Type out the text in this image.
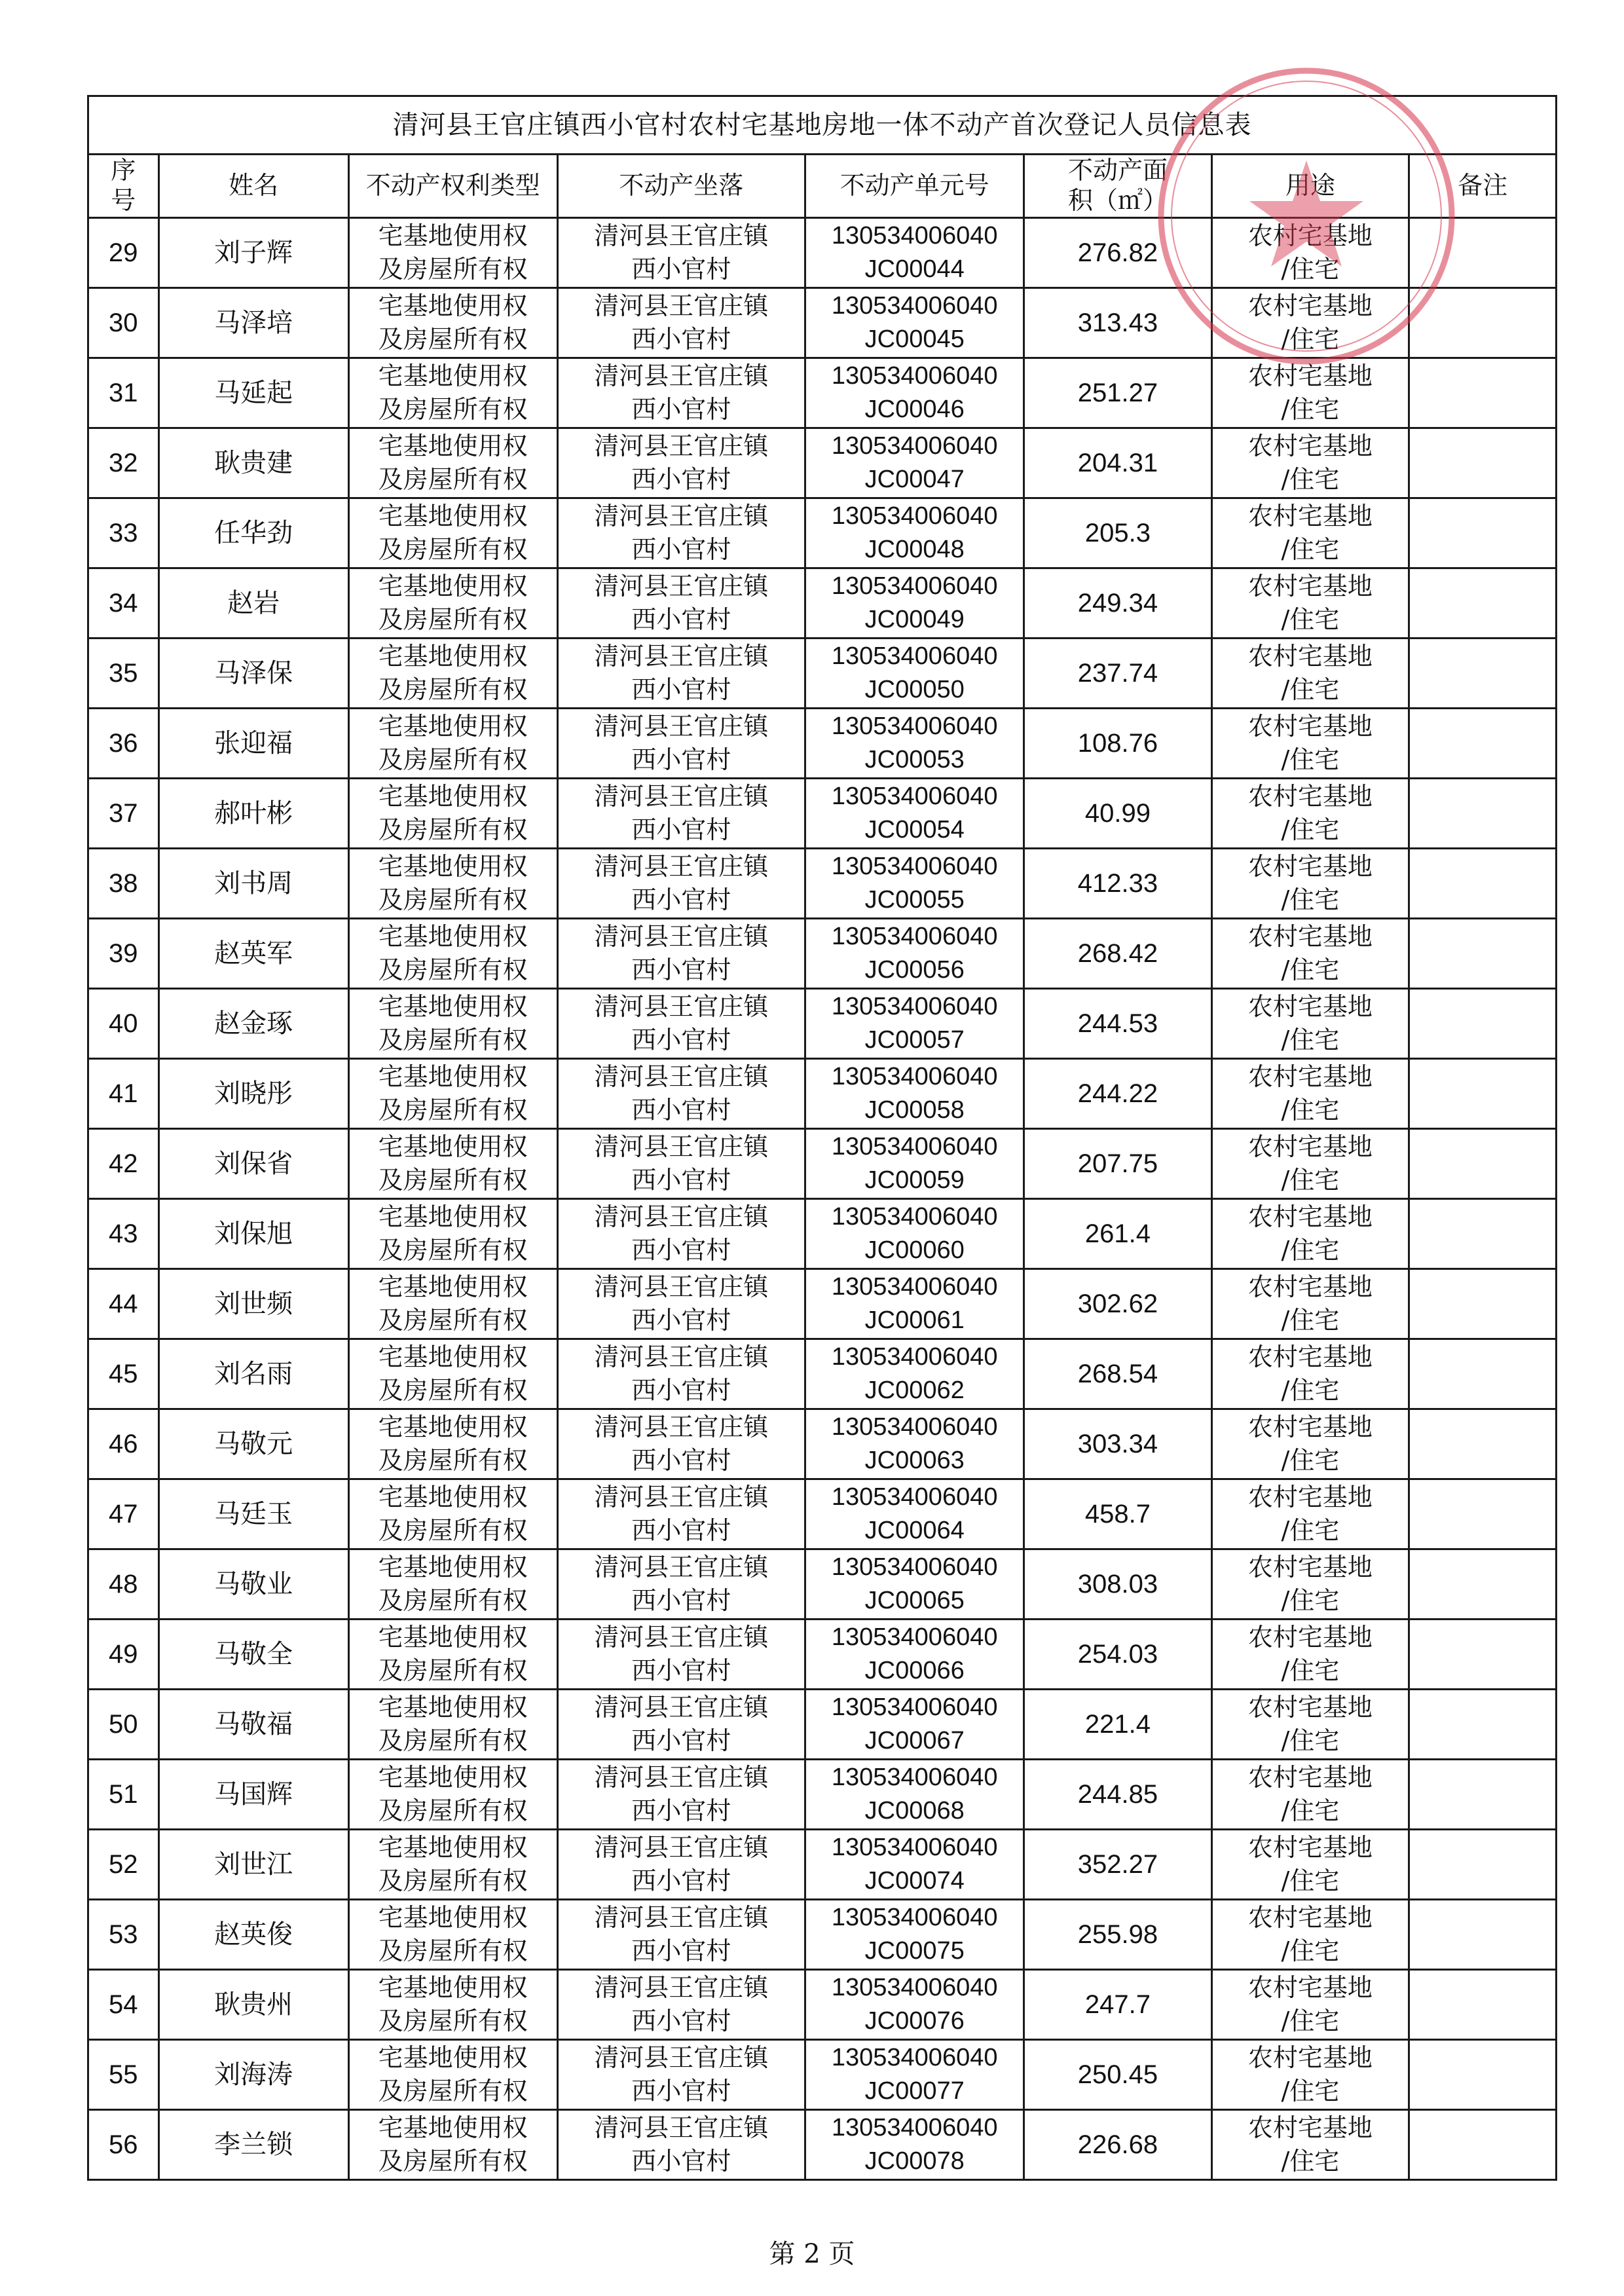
清河县王官庄镇西小官村农村宅基地房地一体不动产首次登记人员信息表							

序
号	姓名	不动产权利类型	不动产坐落	不动产单元号	不动产面
积（㎡）	用途	备注
29	刘子辉	宅基地使用权
及房屋所有权	清河县王官庄镇
西小官村	130534006040
JC00044	276.82	农村宅基地
/住宅	

30	马泽培	宅基地使用权
及房屋所有权	清河县王官庄镇
西小官村	130534006040
JC00045	313.43	农村宅基地
/住宅	

31	马延起	宅基地使用权
及房屋所有权	清河县王官庄镇
西小官村	130534006040
JC00046	251.27	农村宅基地
/住宅	

32	耿贵建	宅基地使用权
及房屋所有权	清河县王官庄镇
西小官村	130534006040
JC00047	204.31	农村宅基地
/住宅	

33	任华劲	宅基地使用权
及房屋所有权	清河县王官庄镇
西小官村	130534006040
JC00048	205.3	农村宅基地
/住宅	

34	赵岩	宅基地使用权
及房屋所有权	清河县王官庄镇
西小官村	130534006040
JC00049	249.34	农村宅基地
/住宅	

35	马泽保	宅基地使用权
及房屋所有权	清河县王官庄镇
西小官村	130534006040
JC00050	237.74	农村宅基地
/住宅	

36	张迎福	宅基地使用权
及房屋所有权	清河县王官庄镇
西小官村	130534006040
JC00053	108.76	农村宅基地
/住宅	

37	郝叶彬	宅基地使用权
及房屋所有权	清河县王官庄镇
西小官村	130534006040
JC00054	40.99	农村宅基地
/住宅	

38	刘书周	宅基地使用权
及房屋所有权	清河县王官庄镇
西小官村	130534006040
JC00055	412.33	农村宅基地
/住宅	

39	赵英军	宅基地使用权
及房屋所有权	清河县王官庄镇
西小官村	130534006040
JC00056	268.42	农村宅基地
/住宅	

40	赵金琢	宅基地使用权
及房屋所有权	清河县王官庄镇
西小官村	130534006040
JC00057	244.53	农村宅基地
/住宅	

41	刘晓彤	宅基地使用权
及房屋所有权	清河县王官庄镇
西小官村	130534006040
JC00058	244.22	农村宅基地
/住宅	

42	刘保省	宅基地使用权
及房屋所有权	清河县王官庄镇
西小官村	130534006040
JC00059	207.75	农村宅基地
/住宅	

43	刘保旭	宅基地使用权
及房屋所有权	清河县王官庄镇
西小官村	130534006040
JC00060	261.4	农村宅基地
/住宅	

44	刘世频	宅基地使用权
及房屋所有权	清河县王官庄镇
西小官村	130534006040
JC00061	302.62	农村宅基地
/住宅	

45	刘名雨	宅基地使用权
及房屋所有权	清河县王官庄镇
西小官村	130534006040
JC00062	268.54	农村宅基地
/住宅	

46	马敬元	宅基地使用权
及房屋所有权	清河县王官庄镇
西小官村	130534006040
JC00063	303.34	农村宅基地
/住宅	

47	马廷玉	宅基地使用权
及房屋所有权	清河县王官庄镇
西小官村	130534006040
JC00064	458.7	农村宅基地
/住宅	

48	马敬业	宅基地使用权
及房屋所有权	清河县王官庄镇
西小官村	130534006040
JC00065	308.03	农村宅基地
/住宅	

49	马敬全	宅基地使用权
及房屋所有权	清河县王官庄镇
西小官村	130534006040
JC00066	254.03	农村宅基地
/住宅	

50	马敬福	宅基地使用权
及房屋所有权	清河县王官庄镇
西小官村	130534006040
JC00067	221.4	农村宅基地
/住宅	

51	马国辉	宅基地使用权
及房屋所有权	清河县王官庄镇
西小官村	130534006040
JC00068	244.85	农村宅基地
/住宅	

52	刘世江	宅基地使用权
及房屋所有权	清河县王官庄镇
西小官村	130534006040
JC00074	352.27	农村宅基地
/住宅	

53	赵英俊	宅基地使用权
及房屋所有权	清河县王官庄镇
西小官村	130534006040
JC00075	255.98	农村宅基地
/住宅	

54	耿贵州	宅基地使用权
及房屋所有权	清河县王官庄镇
西小官村	130534006040
JC00076	247.7	农村宅基地
/住宅	

55	刘海涛	宅基地使用权
及房屋所有权	清河县王官庄镇
西小官村	130534006040
JC00077	250.45	农村宅基地
/住宅	

56	李兰锁	宅基地使用权
及房屋所有权	清河县王官庄镇
西小官村	130534006040
JC00078	226.68	农村宅基地
/住宅	

第 2 页
